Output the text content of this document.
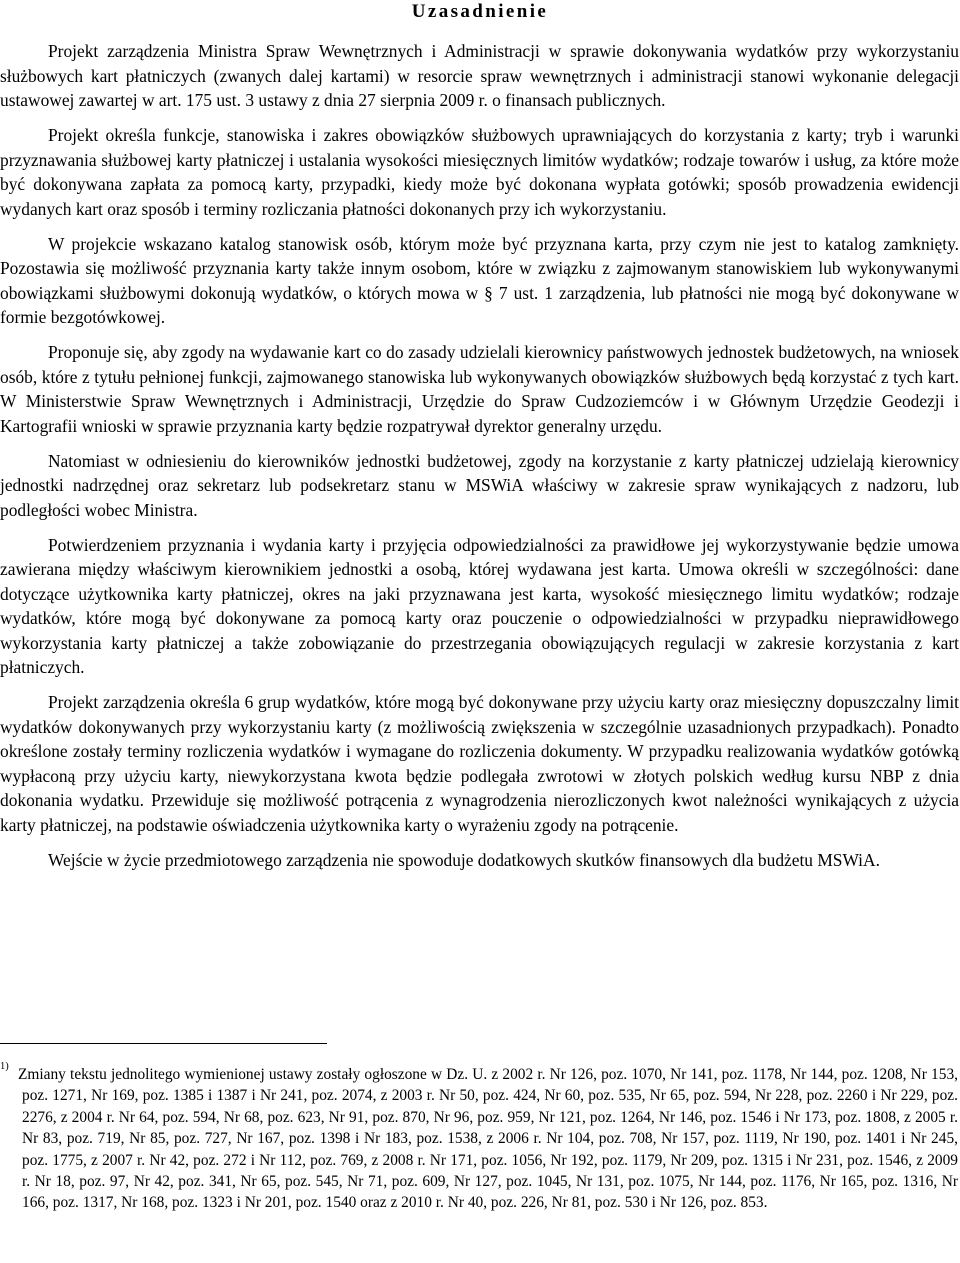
Uzasadnienie

Projekt zarządzenia Ministra Spraw Wewnętrznych i Administracji w sprawie dokonywania wydatków przy wykorzystaniu służbowych kart płatniczych (zwanych dalej kartami) w resorcie spraw wewnętrznych i administracji stanowi wykonanie delegacji ustawowej zawartej w art. 175 ust. 3 ustawy z dnia 27 sierpnia 2009 r. o finansach publicznych.

Projekt określa funkcje, stanowiska i zakres obowiązków służbowych uprawniających do korzystania z karty; tryb i warunki przyznawania służbowej karty płatniczej i ustalania wysokości miesięcznych limitów wydatków; rodzaje towarów i usług, za które może być dokonywana zapłata za pomocą karty, przypadki, kiedy może być dokonana wypłata gotówki; sposób prowadzenia ewidencji wydanych kart oraz sposób i terminy rozliczania płatności dokonanych przy ich wykorzystaniu.

W projekcie wskazano katalog stanowisk osób, którym może być przyznana karta, przy czym nie jest to katalog zamknięty. Pozostawia się możliwość przyznania karty także innym osobom, które w związku z zajmowanym stanowiskiem lub wykonywanymi obowiązkami służbowymi dokonują wydatków, o których mowa w § 7 ust. 1 zarządzenia, lub płatności nie mogą być dokonywane w formie bezgotówkowej.

Proponuje się, aby zgody na wydawanie kart co do zasady udzielali kierownicy państwowych jednostek budżetowych, na wniosek osób, które z tytułu pełnionej funkcji, zajmowanego stanowiska lub wykonywanych obowiązków służbowych będą korzystać z tych kart. W Ministerstwie Spraw Wewnętrznych i Administracji, Urzędzie do Spraw Cudzoziemców i w Głównym Urzędzie Geodezji i Kartografii wnioski w sprawie przyznania karty będzie rozpatrywał dyrektor generalny urzędu.

Natomiast w odniesieniu do kierowników jednostki budżetowej, zgody na korzystanie z karty płatniczej udzielają kierownicy jednostki nadrzędnej oraz sekretarz lub podsekretarz stanu w MSWiA właściwy w zakresie spraw wynikających z nadzoru, lub podległości wobec Ministra.

Potwierdzeniem przyznania i wydania karty i przyjęcia odpowiedzialności za prawidłowe jej wykorzystywanie będzie umowa zawierana między właściwym kierownikiem jednostki a osobą, której wydawana jest karta. Umowa określi w szczególności: dane dotyczące użytkownika karty płatniczej, okres na jaki przyznawana jest karta, wysokość miesięcznego limitu wydatków; rodzaje wydatków, które mogą być dokonywane za pomocą karty oraz pouczenie o odpowiedzialności w przypadku nieprawidłowego wykorzystania karty płatniczej a także zobowiązanie do przestrzegania obowiązujących regulacji w zakresie korzystania z kart płatniczych.

Projekt zarządzenia określa 6 grup wydatków, które mogą być dokonywane przy użyciu karty oraz miesięczny dopuszczalny limit wydatków dokonywanych przy wykorzystaniu karty (z możliwością zwiększenia w szczególnie uzasadnionych przypadkach). Ponadto określone zostały terminy rozliczenia wydatków i wymagane do rozliczenia dokumenty. W przypadku realizowania wydatków gotówką wypłaconą przy użyciu karty, niewykorzystana kwota będzie podlegała zwrotowi w złotych polskich według kursu NBP z dnia dokonania wydatku. Przewiduje się możliwość potrącenia z wynagrodzenia nierozliczonych kwot należności wynikających z użycia karty płatniczej, na podstawie oświadczenia użytkownika karty o wyrażeniu zgody na potrącenie.

Wejście w życie przedmiotowego zarządzenia nie spowoduje dodatkowych skutków finansowych dla budżetu MSWiA.

1) Zmiany tekstu jednolitego wymienionej ustawy zostały ogłoszone w Dz. U. z 2002 r. Nr 126, poz. 1070, Nr 141, poz. 1178, Nr 144, poz. 1208, Nr 153, poz. 1271, Nr 169, poz. 1385 i 1387 i Nr 241, poz. 2074, z 2003 r. Nr 50, poz. 424, Nr 60, poz. 535, Nr 65, poz. 594, Nr 228, poz. 2260 i Nr 229, poz. 2276, z 2004 r. Nr 64, poz. 594, Nr 68, poz. 623, Nr 91, poz. 870, Nr 96, poz. 959, Nr 121, poz. 1264, Nr 146, poz. 1546 i Nr 173, poz. 1808, z 2005 r. Nr 83, poz. 719, Nr 85, poz. 727, Nr 167, poz. 1398 i Nr 183, poz. 1538, z 2006 r. Nr 104, poz. 708, Nr 157, poz. 1119, Nr 190, poz. 1401 i Nr 245, poz. 1775, z 2007 r. Nr 42, poz. 272 i Nr 112, poz. 769, z 2008 r. Nr 171, poz. 1056, Nr 192, poz. 1179, Nr 209, poz. 1315 i Nr 231, poz. 1546, z 2009 r. Nr 18, poz. 97, Nr 42, poz. 341, Nr 65, poz. 545, Nr 71, poz. 609, Nr 127, poz. 1045, Nr 131, poz. 1075, Nr 144, poz. 1176, Nr 165, poz. 1316, Nr 166, poz. 1317, Nr 168, poz. 1323 i Nr 201, poz. 1540 oraz z 2010 r. Nr 40, poz. 226, Nr 81, poz. 530 i Nr 126, poz. 853.
